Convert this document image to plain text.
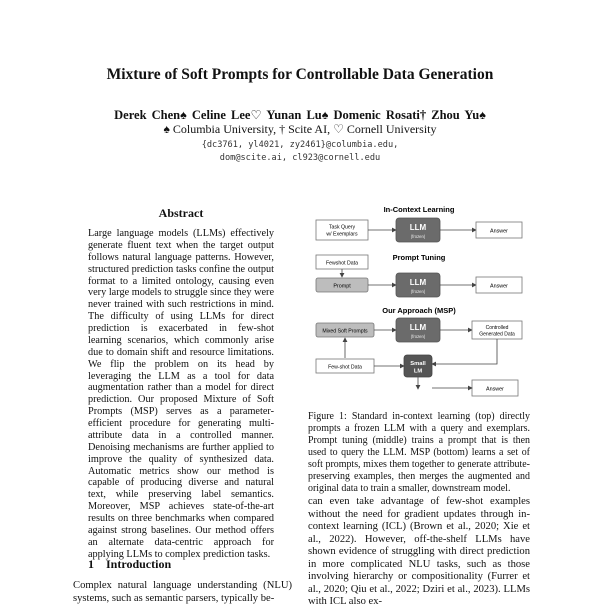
Mixture of Soft Prompts for Controllable Data Generation
Derek Chen♠ Celine Lee♡ Yunan Lu♠ Domenic Rosati† Zhou Yu♠
♠ Columbia University, † Scite AI, ♡ Cornell University
{dc3761, yl4021, zy2461}@columbia.edu,
dom@scite.ai, cl923@cornell.edu
Abstract

Large language models (LLMs) effectively generate fluent text when the target output follows natural language patterns. However, structured prediction tasks confine the output format to a limited ontology, causing even very large models to struggle since they were never trained with such restrictions in mind. The difficulty of using LLMs for direct prediction is exacerbated in few-shot learning scenarios, which commonly arise due to domain shift and resource limitations. We flip the problem on its head by leveraging the LLM as a tool for data augmentation rather than a model for direct prediction. Our proposed Mixture of Soft Prompts (MSP) serves as a parameter-efficient procedure for generating multi-attribute data in a controlled manner. Denoising mechanisms are further applied to improve the quality of synthesized data. Automatic metrics show our method is capable of producing diverse and natural text, while preserving label semantics. Moreover, MSP achieves state-of-the-art results on three benchmarks when compared against strong baselines. Our method offers an alternate data-centric approach for applying LLMs to complex prediction tasks.

1 Introduction

Complex natural language understanding (NLU) systems, such as semantic parsers, typically be-

In-Context Learning
Task Query
w/ Exemplars
LLM
(frozen)
Answer
Prompt Tuning
Fewshot Data
Prompt	LLM
(frozen)
Answer
Our Approach (MSP)
Mixed Soft Prompts	LLM
(frozen)
Controlled
Generated Data
Few-shot Data
Small
LM
Answer

Figure 1: Standard in-context learning (top) directly prompts a frozen LLM with a query and exemplars. Prompt tuning (middle) trains a prompt that is then used to query the LLM. MSP (bottom) learns a set of soft prompts, mixes them together to generate attribute-preserving examples, then merges the augmented and original data to train a smaller, downstream model.

can even take advantage of few-shot examples without the need for gradient updates through in-context learning (ICL) (Brown et al., 2020; Xie et al., 2022). However, off-the-shelf LLMs have shown evidence of struggling with direct prediction in more complicated NLU tasks, such as those involving hierarchy or compositionality (Furrer et al., 2020; Qiu et al., 2022; Dziri et al., 2023). LLMs with ICL also ex-
